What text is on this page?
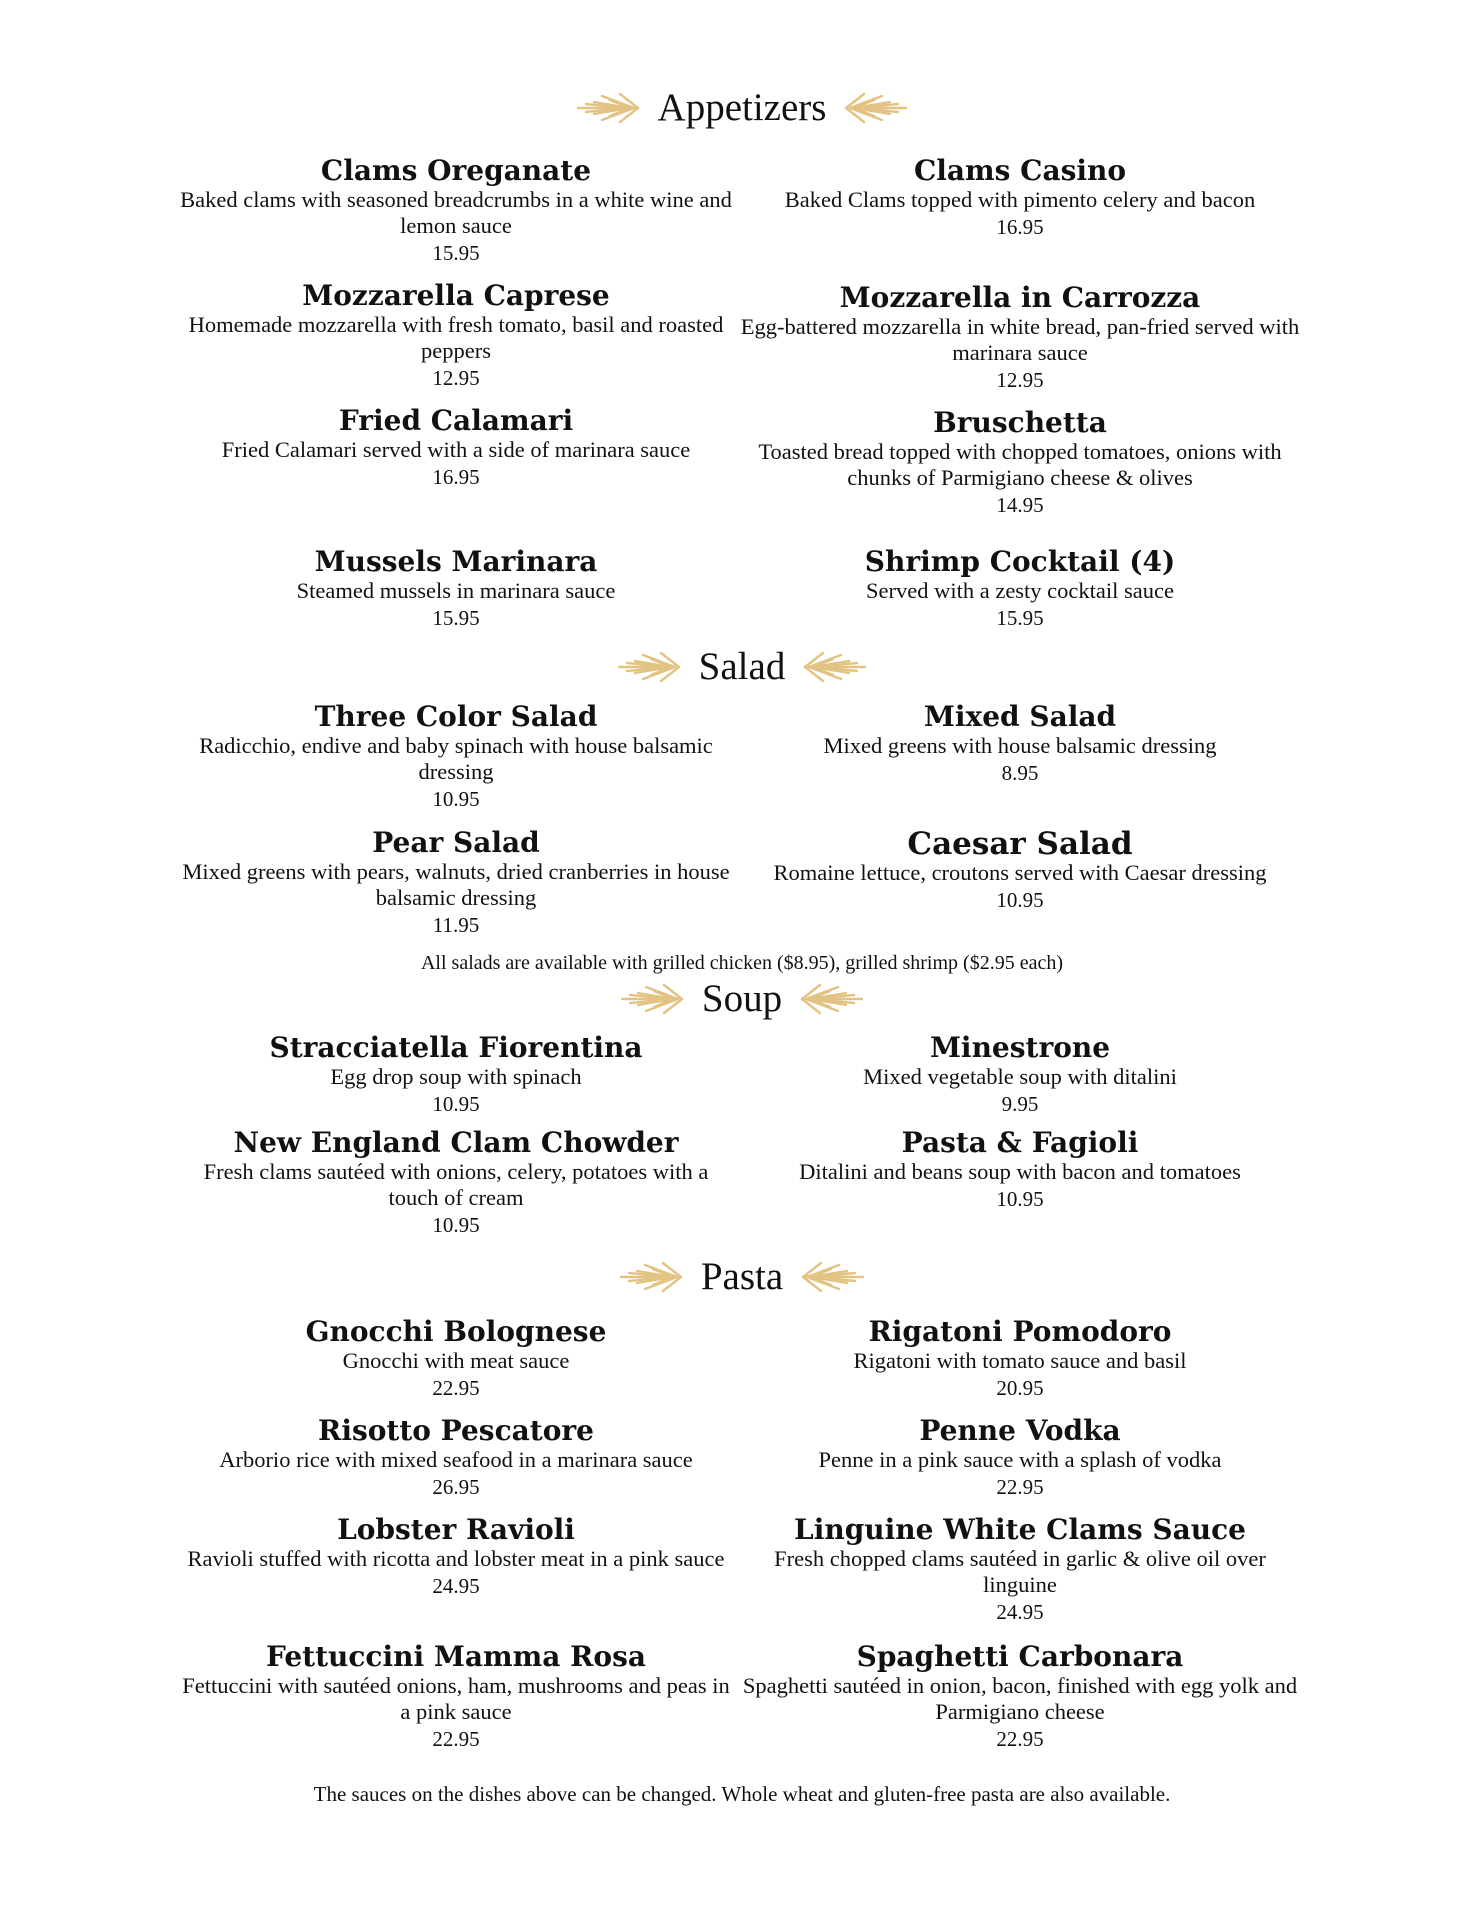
Appetizers
Clams Oreganate
Baked clams with seasoned breadcrumbs in a white wine and lemon sauce
15.95
Clams Casino
Baked Clams topped with pimento celery and bacon
16.95
Mozzarella Caprese
Homemade mozzarella with fresh tomato, basil and roasted peppers
12.95
Mozzarella in Carrozza
Egg-battered mozzarella in white bread, pan-fried served with marinara sauce
12.95
Fried Calamari
Fried Calamari served with a side of marinara sauce
16.95
Bruschetta
Toasted bread topped with chopped tomatoes, onions with chunks of Parmigiano cheese & olives
14.95
Mussels Marinara
Steamed mussels in marinara sauce
15.95
Shrimp Cocktail (4)
Served with a zesty cocktail sauce
15.95
Salad
Three Color Salad
Radicchio, endive and baby spinach with house balsamic dressing
10.95
Mixed Salad
Mixed greens with house balsamic dressing
8.95
Pear Salad
Mixed greens with pears, walnuts, dried cranberries in house balsamic dressing
11.95
Caesar Salad
Romaine lettuce, croutons served with Caesar dressing
10.95
All salads are available with grilled chicken ($8.95), grilled shrimp ($2.95 each)
Soup
Stracciatella Fiorentina
Egg drop soup with spinach
10.95
Minestrone
Mixed vegetable soup with ditalini
9.95
New England Clam Chowder
Fresh clams sautéed with onions, celery, potatoes with a touch of cream
10.95
Pasta & Fagioli
Ditalini and beans soup with bacon and tomatoes
10.95
Pasta
Gnocchi Bolognese
Gnocchi with meat sauce
22.95
Rigatoni Pomodoro
Rigatoni with tomato sauce and basil
20.95
Risotto Pescatore
Arborio rice with mixed seafood in a marinara sauce
26.95
Penne Vodka
Penne in a pink sauce with a splash of vodka
22.95
Lobster Ravioli
Ravioli stuffed with ricotta and lobster meat in a pink sauce
24.95
Linguine White Clams Sauce
Fresh chopped clams sautéed in garlic & olive oil over linguine
24.95
Fettuccini Mamma Rosa
Fettuccini with sautéed onions, ham, mushrooms and peas in a pink sauce
22.95
Spaghetti Carbonara
Spaghetti sautéed in onion, bacon, finished with egg yolk and Parmigiano cheese
22.95
The sauces on the dishes above can be changed. Whole wheat and gluten-free pasta are also available.
